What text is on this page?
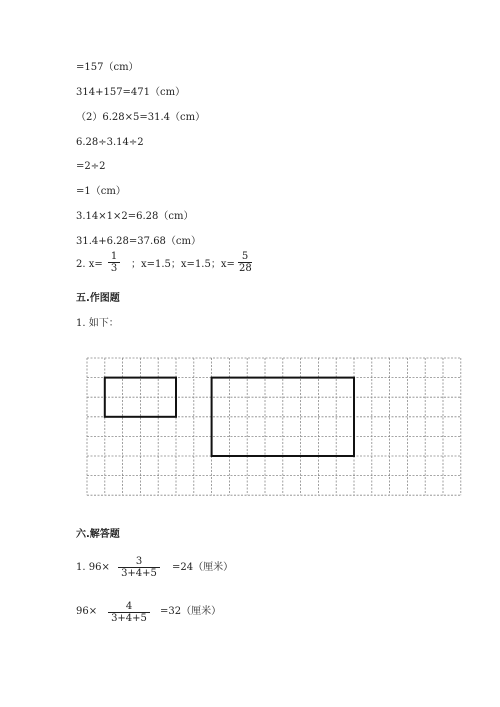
=157（cm）
314+157=471（cm）
（2）6.28×5=31.4（cm）
6.28÷3.14÷2
=2÷2
=1（cm）
3.14×1×2=6.28（cm）
31.4+6.28=37.68（cm）
2. $x= \frac{1}{3}$ ；x=1.5；x=1.5；$x= \frac{5}{28}$
五.作图题
1. 如下：
六.解答题
1. $96\times \frac{3}{3+4+5} =24$（厘米）
$96\times \frac{4}{3+4+5} =32$（厘米）
